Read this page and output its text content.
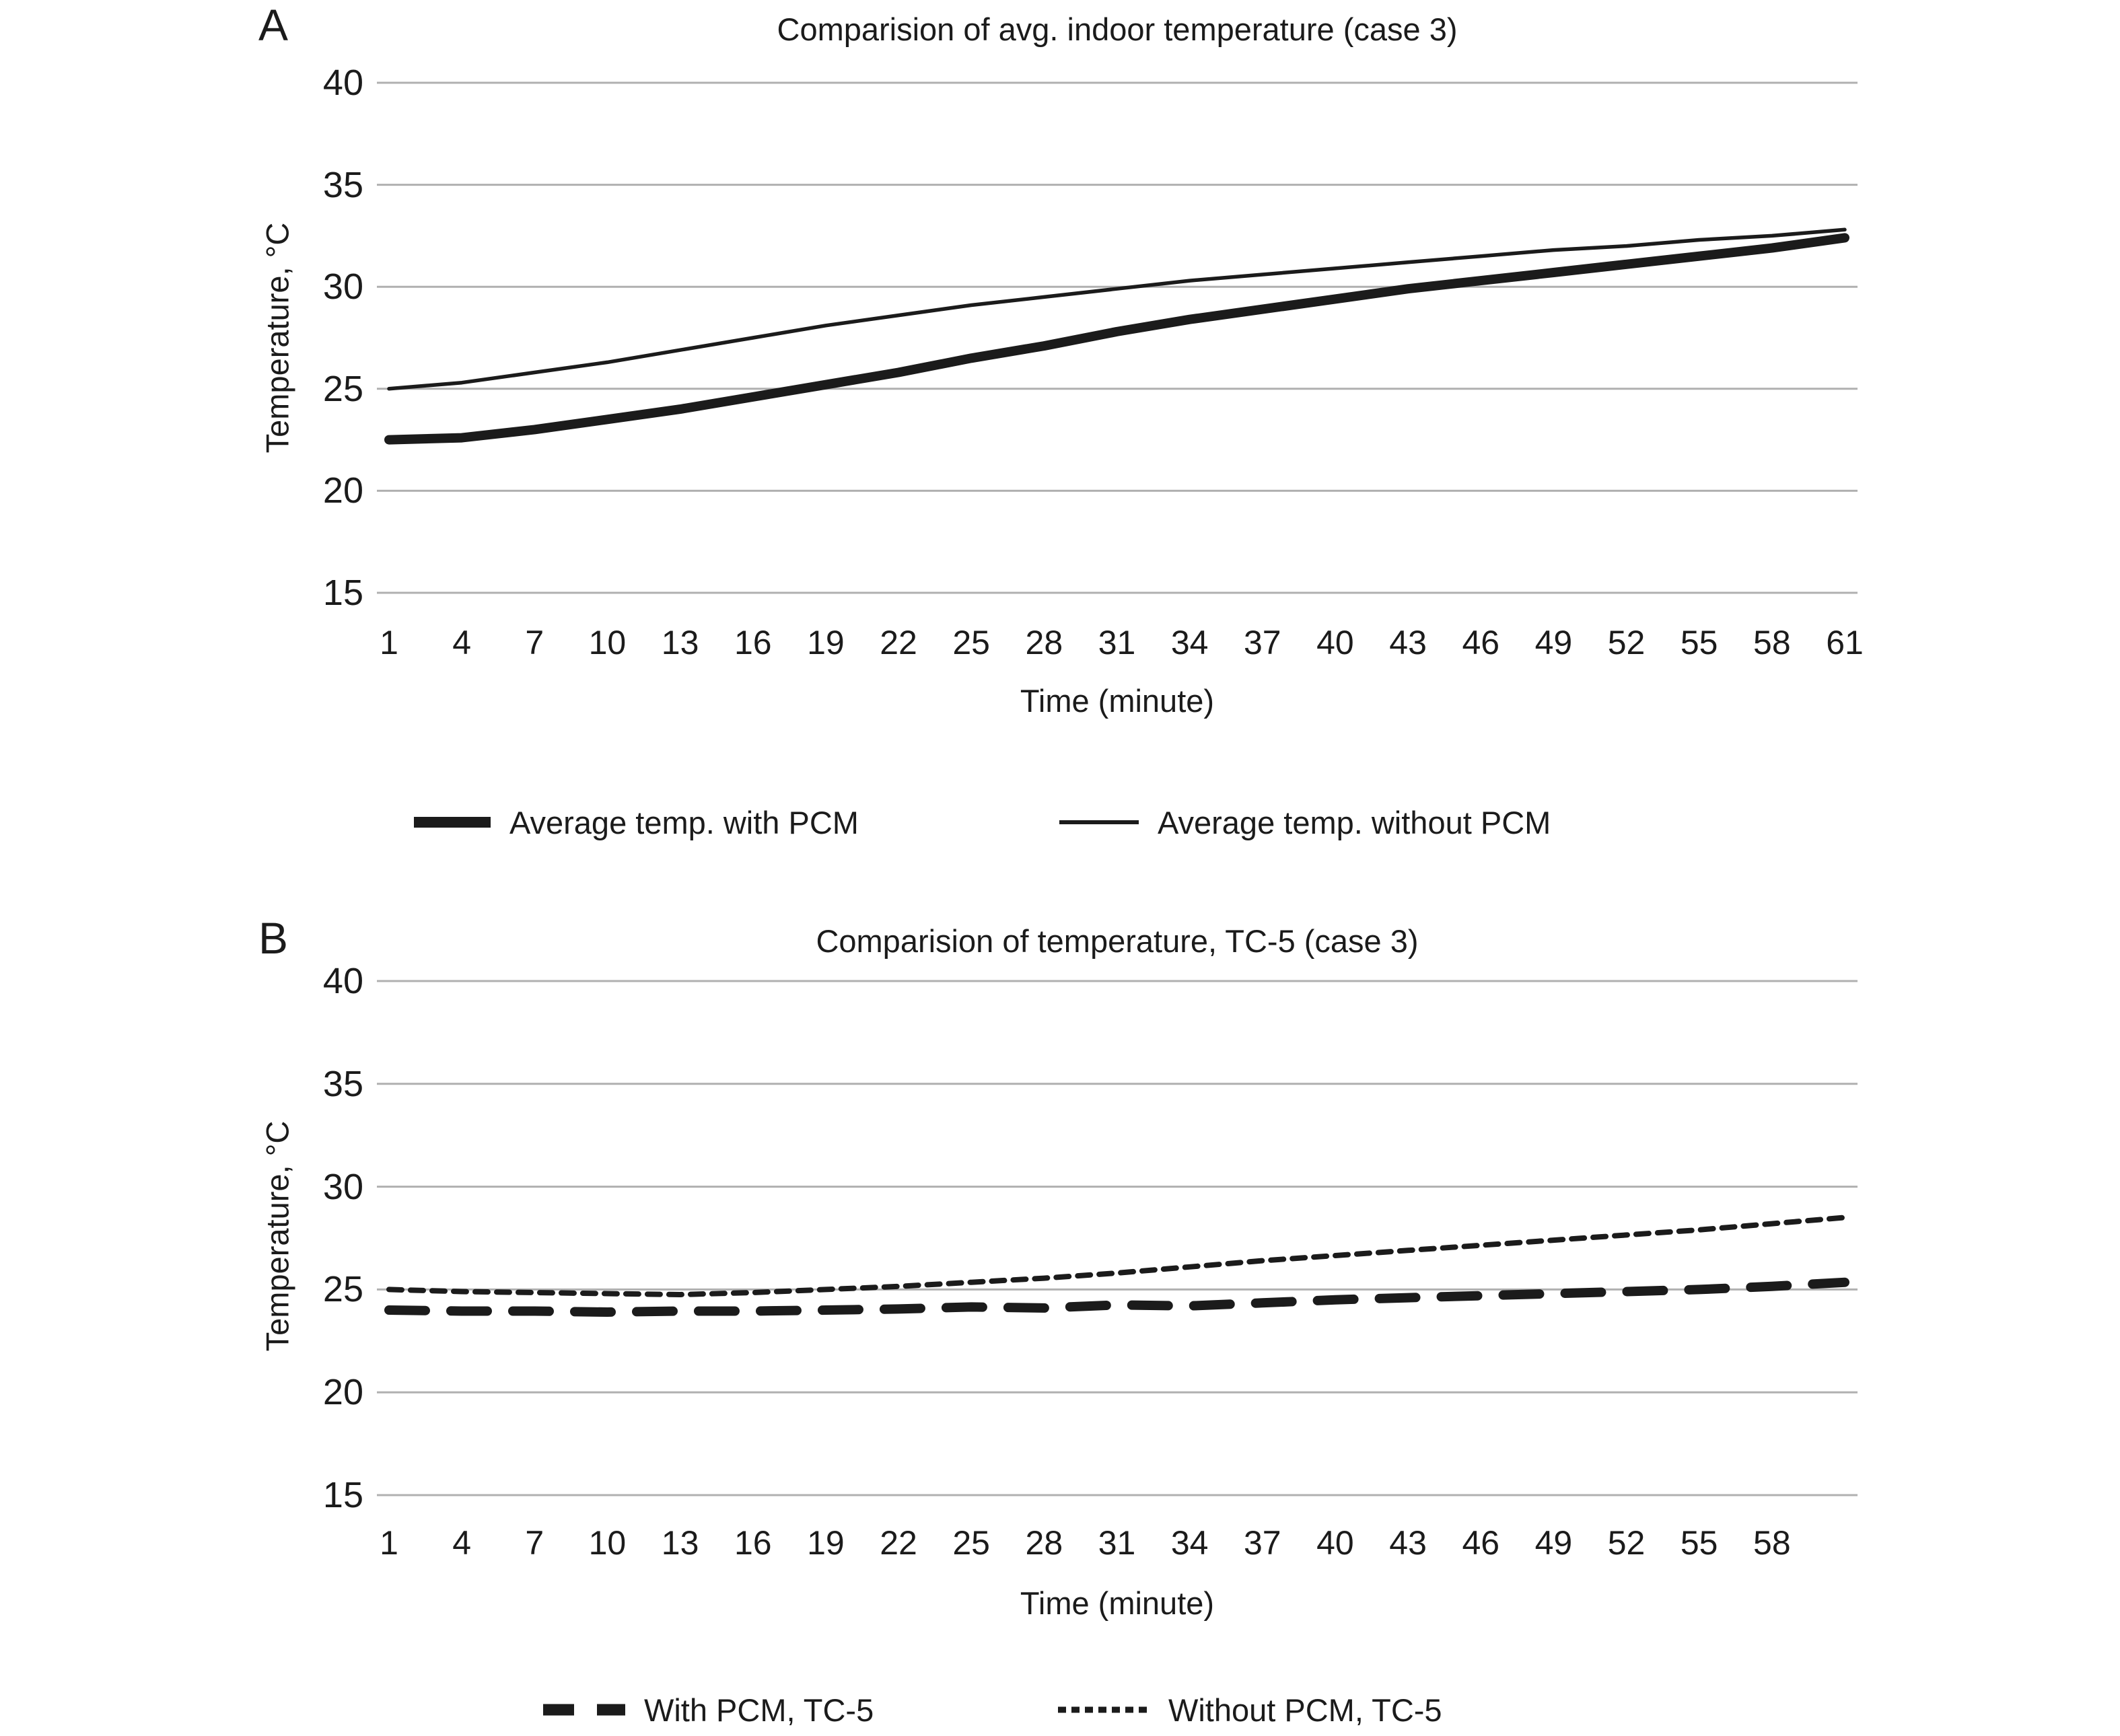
A	Comparision of avg. indoor temperature (case 3)
Temperature, °C
40
35
30
25
20
15
1	4	7	10	13	16	19	22	25	28	31	34	37	40	43	46	49	52	55	58	61
Time (minute)
Average temp. with PCM	Average temp. without PCM
B	Comparision of temperature, TC-5 (case 3)
Temperature, °C
40
35
30
25
20
15
1	4	7	10	13	16	19	22	25	28	31	34	37	40	43	46	49	52	55	58
Time (minute)
With PCM, TC-5	Without PCM, TC-5
